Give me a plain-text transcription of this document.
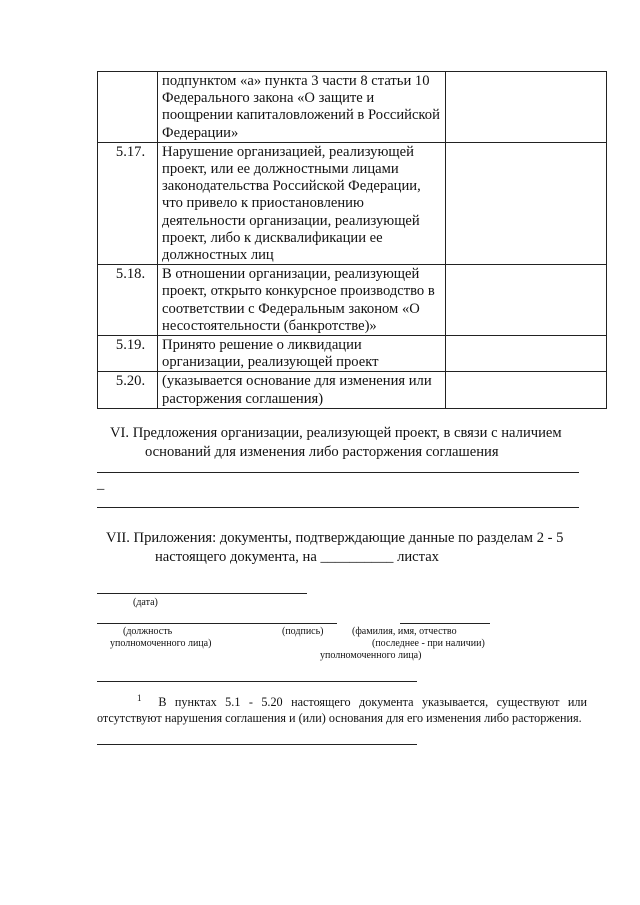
	подпунктом «а» пункта 3 части 8 статьи 10 Федерального закона «О защите и поощрении капиталовложений в Российской Федерации»	
5.17.	Нарушение организацией, реализующей проект, или ее должностными лицами законодательства Российской Федерации, что привело к приостановлению деятельности организации, реализующей проект, либо к дисквалификации ее должностных лиц	
5.18.	В отношении организации, реализующей проект, открыто конкурсное производство в соответствии с Федеральным законом «О несостоятельности (банкротстве)»	
5.19.	Принято решение о ликвидации организации, реализующей проект	
5.20.	(указывается основание для изменения или расторжения соглашения)	
VI. Предложения организации, реализующей проект, в связи с наличием
оснований для изменения либо расторжения соглашения
–
VII. Приложения: документы, подтверждающие данные по разделам 2 - 5
настоящего документа, на __________ листах
(дата)
(должность
уполномоченного лица)
(подпись)	(фамилия, имя, отчество
(последнее - при наличии)
уполномоченного лица)
$^1$ В пунктах 5.1 - 5.20 настоящего документа указывается, существуют или отсутствуют нарушения соглашения и (или) основания для его изменения либо расторжения.
